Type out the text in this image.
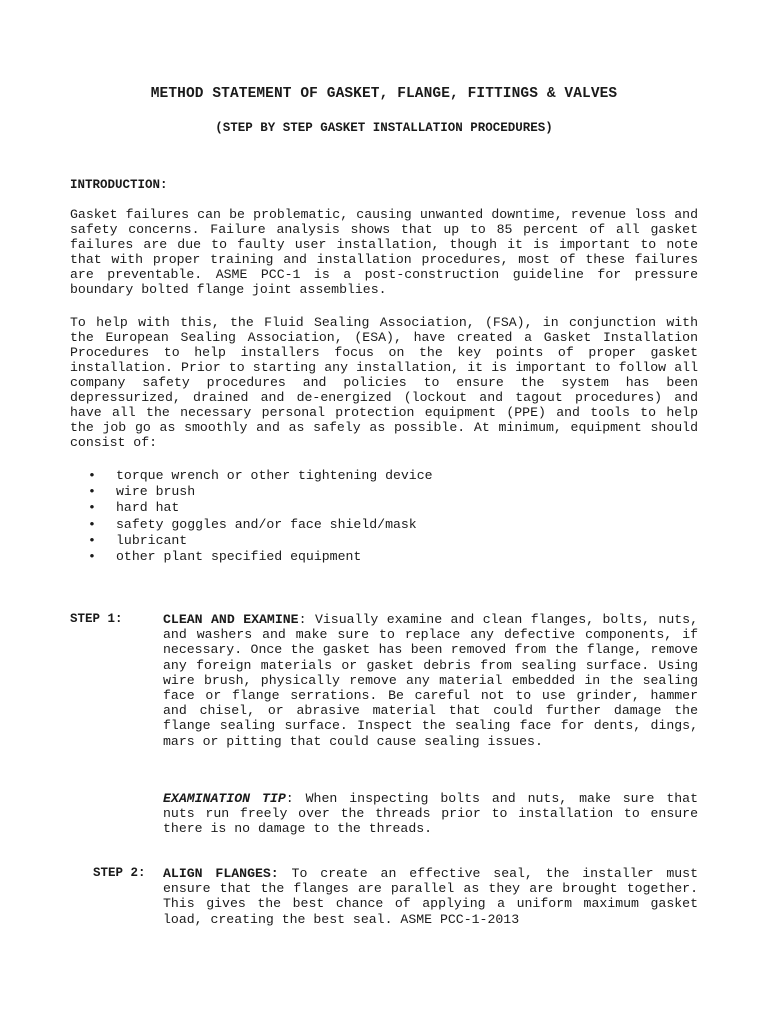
METHOD STATEMENT OF GASKET, FLANGE, FITTINGS & VALVES
(STEP BY STEP GASKET INSTALLATION PROCEDURES)
INTRODUCTION:

Gasket failures can be problematic, causing unwanted downtime, revenue loss and safety concerns. Failure analysis shows that up to 85 percent of all gasket failures are due to faulty user installation, though it is important to note that with proper training and installation procedures, most of these failures are preventable. ASME PCC-1 is a post-construction guideline for pressure boundary bolted flange joint assemblies.

To help with this, the Fluid Sealing Association, (FSA), in conjunction with the European Sealing Association, (ESA), have created a Gasket Installation Procedures to help installers focus on the key points of proper gasket installation. Prior to starting any installation, it is important to follow all company safety procedures and policies to ensure the system has been depressurized, drained and de-energized (lockout and tagout procedures) and have all the necessary personal protection equipment (PPE) and tools to help the job go as smoothly and as safely as possible. At minimum, equipment should consist of:

• torque wrench or other tightening device
• wire brush
• hard hat
• safety goggles and/or face shield/mask
• lubricant
• other plant specified equipment
STEP 1:	CLEAN AND EXAMINE: Visually examine and clean flanges, bolts, nuts, and washers and make sure to replace any defective components, if necessary. Once the gasket has been removed from the flange, remove any foreign materials or gasket debris from sealing surface. Using wire brush, physically remove any material embedded in the sealing face or flange serrations. Be careful not to use grinder, hammer and chisel, or abrasive material that could further damage the flange sealing surface. Inspect the sealing face for dents, dings, mars or pitting that could cause sealing issues.

EXAMINATION TIP: When inspecting bolts and nuts, make sure that nuts run freely over the threads prior to installation to ensure there is no damage to the threads.

STEP 2: ALIGN FLANGES: To create an effective seal, the installer must ensure that the flanges are parallel as they are brought together. This gives the best chance of applying a uniform maximum gasket load, creating the best seal. ASME PCC-1-2013
